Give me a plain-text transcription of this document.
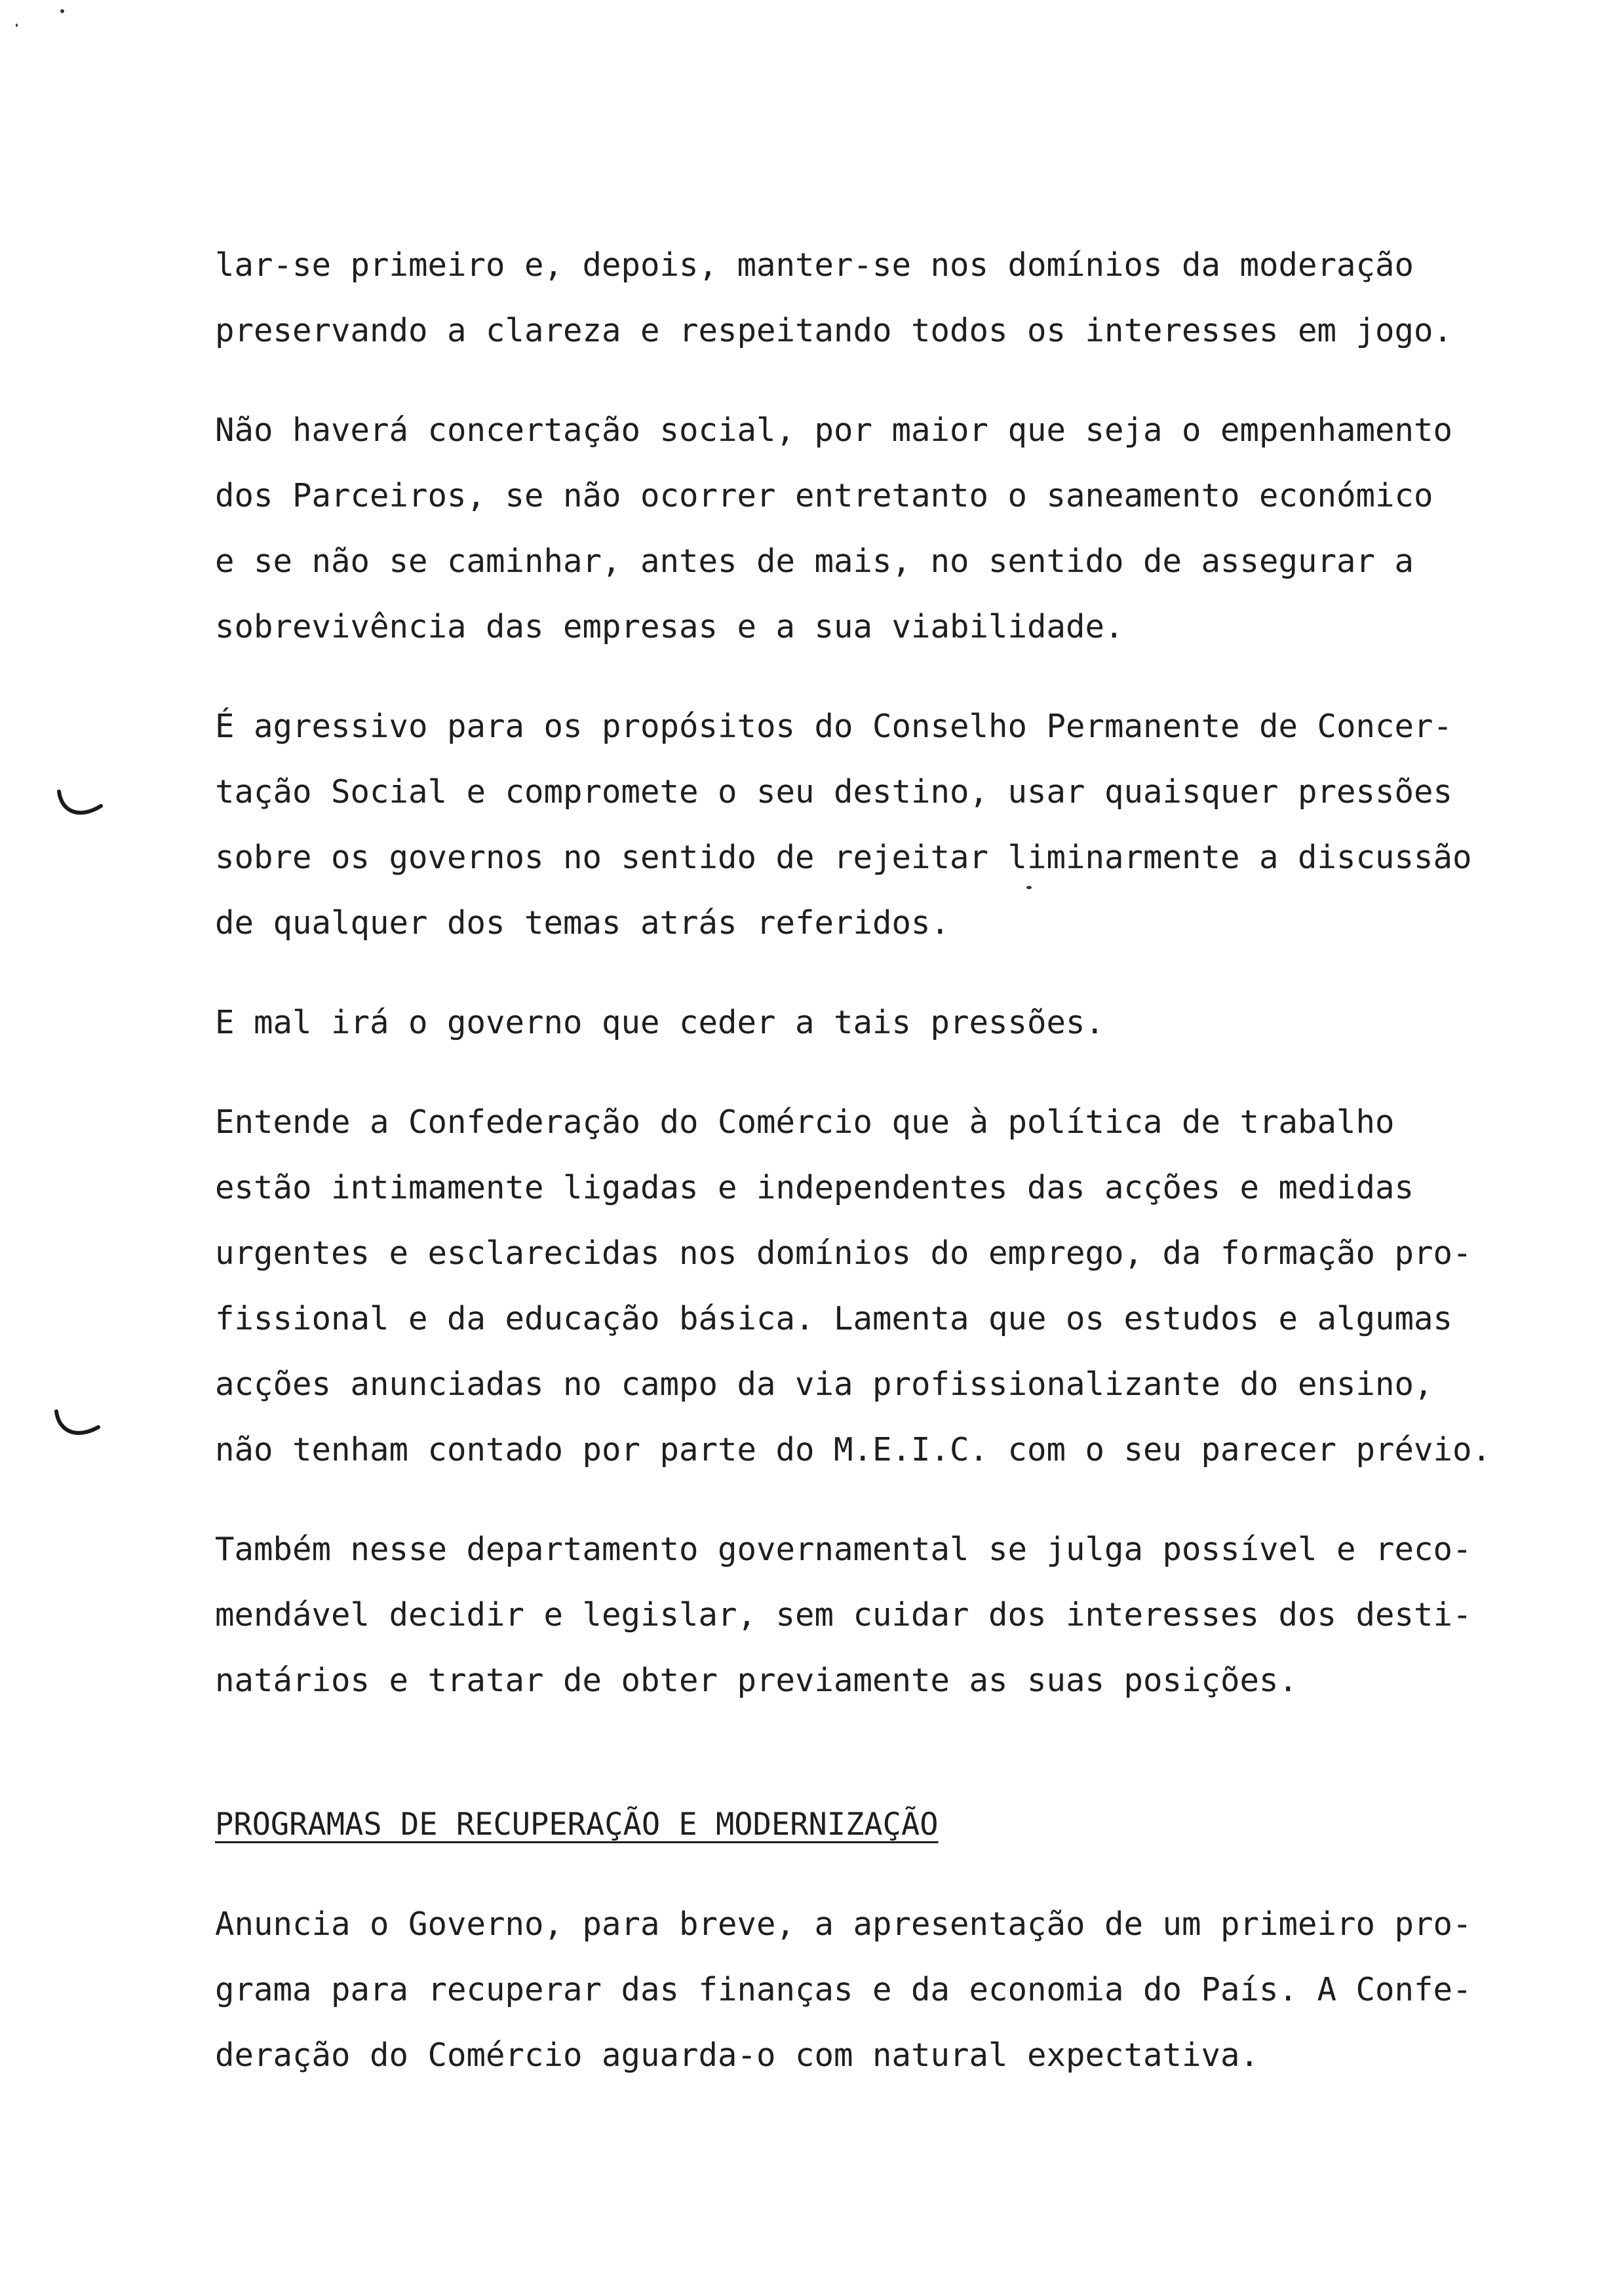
lar-se primeiro e, depois, manter-se nos domínios da moderação
preservando a clareza e respeitando todos os interesses em jogo.

Não haverá concertação social, por maior que seja o empenhamento
dos Parceiros, se não ocorrer entretanto o saneamento económico
e se não se caminhar, antes de mais, no sentido de assegurar a
sobrevivência das empresas e a sua viabilidade.

É agressivo para os propósitos do Conselho Permanente de Concer-
tação Social e compromete o seu destino, usar quaisquer pressões
sobre os governos no sentido de rejeitar liminarmente a discussão
de qualquer dos temas atrás referidos.

E mal irá o governo que ceder a tais pressões.

Entende a Confederação do Comércio que à política de trabalho
estão intimamente ligadas e independentes das acções e medidas
urgentes e esclarecidas nos domínios do emprego, da formação pro-
fissional e da educação básica. Lamenta que os estudos e algumas
acções anunciadas no campo da via profissionalizante do ensino,
não tenham contado por parte do M.E.I.C. com o seu parecer prévio.

Também nesse departamento governamental se julga possível e reco-
mendável decidir e legislar, sem cuidar dos interesses dos desti-
natários e tratar de obter previamente as suas posições.

PROGRAMAS DE RECUPERAÇÃO E MODERNIZAÇÃO

Anuncia o Governo, para breve, a apresentação de um primeiro pro-
grama para recuperar das finanças e da economia do País. A Confe-
deração do Comércio aguarda-o com natural expectativa.
